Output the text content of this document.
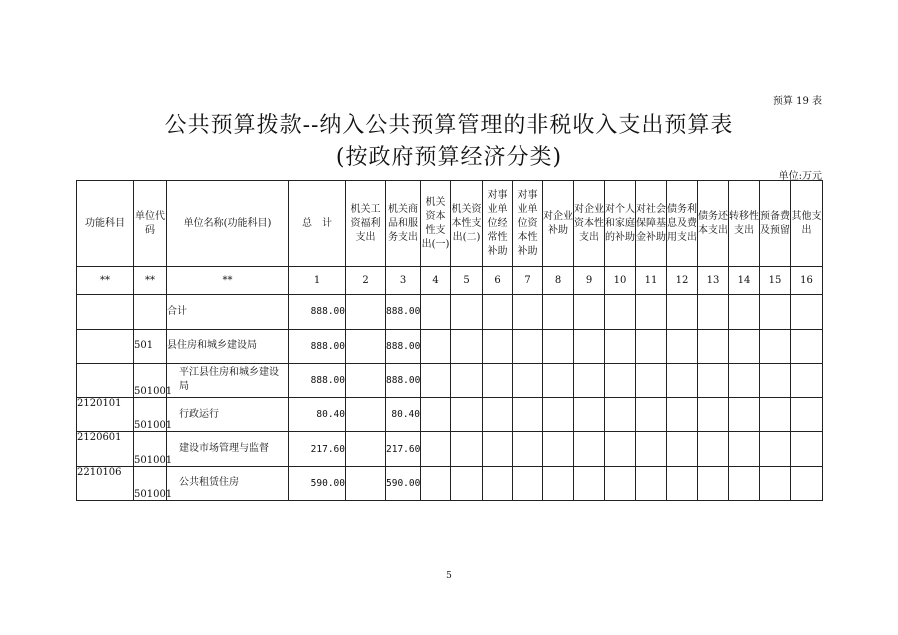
预算 19 表
公共预算拨款--纳入公共预算管理的非税收入支出预算表
(按政府预算经济分类)
单位:万元
功能科目	单位代码	单位名称(功能科目)	总　计	机关工资福利支出	机关商品和服务支出	机关资本性支出(一)	机关资本性支出(二)	对事业单位经常性补助	对事业单位资本性补助	对企业补助	对企业资本性支出	对个人和家庭的补助	对社会保障基金补助	债务利息及费用支出	债务还本支出	转移性支出	预备费及预留	其他支出
**	**	**	1	2	3	4	5	6	7	8	9	10	11	12	13	14	15	16
		合计	888.00		888.00													
	501	县住房和城乡建设局	888.00		888.00													
	501001	平江县住房和城乡建设局	888.00		888.00													
2120101	501001	行政运行	80.40		80.40													
2120601	501001	建设市场管理与监督	217.60		217.60													
2210106	501001	公共租赁住房	590.00		590.00													
5
